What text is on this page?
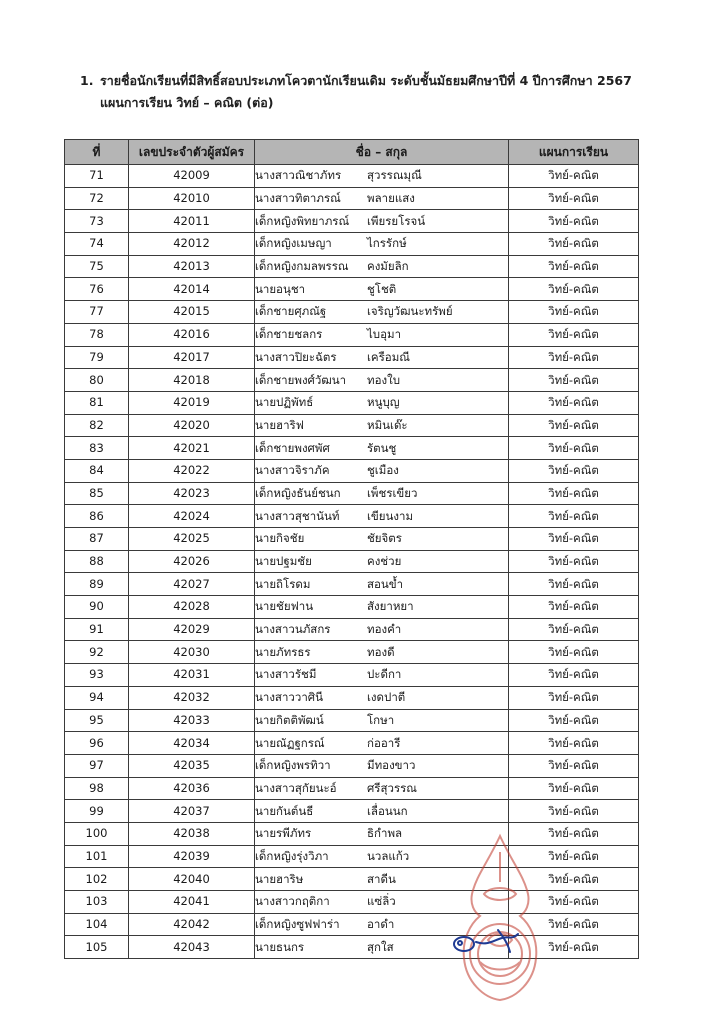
1. รายชื่อนักเรียนที่มีสิทธิ์สอบประเภทโควตานักเรียนเดิม ระดับชั้นมัธยมศึกษาปีที่ 4 ปีการศึกษา 2567
แผนการเรียน วิทย์ – คณิต (ต่อ)
ที่	เลขประจำตัวผู้สมัคร	ชื่อ – สกุล	แผนการเรียน
71	42009	นางสาวณิชาภัทร สุวรรณมุณี	วิทย์-คณิต
72	42010	นางสาวทิตาภรณ์ พลายแสง	วิทย์-คณิต
73	42011	เด็กหญิงพิทยาภรณ์ เพียรยโรจน์	วิทย์-คณิต
74	42012	เด็กหญิงเมษญา ไกรรักษ์	วิทย์-คณิต
75	42013	เด็กหญิงกมลพรรณ คงมัยลิก	วิทย์-คณิต
76	42014	นายอนุชา ชูโชติ	วิทย์-คณิต
77	42015	เด็กชายศุภณัฐ เจริญวัฒนะทรัพย์	วิทย์-คณิต
78	42016	เด็กชายชลกร ไบอุมา	วิทย์-คณิต
79	42017	นางสาวปิยะฉัตร เครือมณี	วิทย์-คณิต
80	42018	เด็กชายพงศ์วัฒนา ทองใบ	วิทย์-คณิต
81	42019	นายปฏิพัทธ์ หนูบุญ	วิทย์-คณิต
82	42020	นายฮาริฟ หมินเด๊ะ	วิทย์-คณิต
83	42021	เด็กชายพงศพัศ รัตนชู	วิทย์-คณิต
84	42022	นางสาวจิราภัค ชูเมือง	วิทย์-คณิต
85	42023	เด็กหญิงธันย์ชนก เพ็ชรเขียว	วิทย์-คณิต
86	42024	นางสาวสุชานันท์ เขียนงาม	วิทย์-คณิต
87	42025	นายกิจชัย ชัยจิตร	วิทย์-คณิต
88	42026	นายปฐมชัย คงช่วย	วิทย์-คณิต
89	42027	นายถิโรดม สอนข้ำ	วิทย์-คณิต
90	42028	นายชัยฟาน สังยาหยา	วิทย์-คณิต
91	42029	นางสาวนภัสกร ทองคำ	วิทย์-คณิต
92	42030	นายภัทรธร ทองดี	วิทย์-คณิต
93	42031	นางสาวรัชมี ปะดีกา	วิทย์-คณิต
94	42032	นางสาววาศินี เงดปาตี	วิทย์-คณิต
95	42033	นายกิตติพัฒน์ โกษา	วิทย์-คณิต
96	42034	นายณัฏฐกรณ์ ก่ออารี	วิทย์-คณิต
97	42035	เด็กหญิงพรทิวา มีทองขาว	วิทย์-คณิต
98	42036	นางสาวสุกัยนะอ์ ศรีสุวรรณ	วิทย์-คณิต
99	42037	นายกันต์นธี เลื่อนนก	วิทย์-คณิต
100	42038	นายรพีภัทร ธิกำพล	วิทย์-คณิต
101	42039	เด็กหญิงรุ่งวิภา นวลแก้ว	วิทย์-คณิต
102	42040	นายฮาริษ สาดีน	วิทย์-คณิต
103	42041	นางสาวกฤติกา แซ่ลิ่ว	วิทย์-คณิต
104	42042	เด็กหญิงซูฟฟาร่า อาดำ	วิทย์-คณิต
105	42043	นายธนกร สุกใส	วิทย์-คณิต
